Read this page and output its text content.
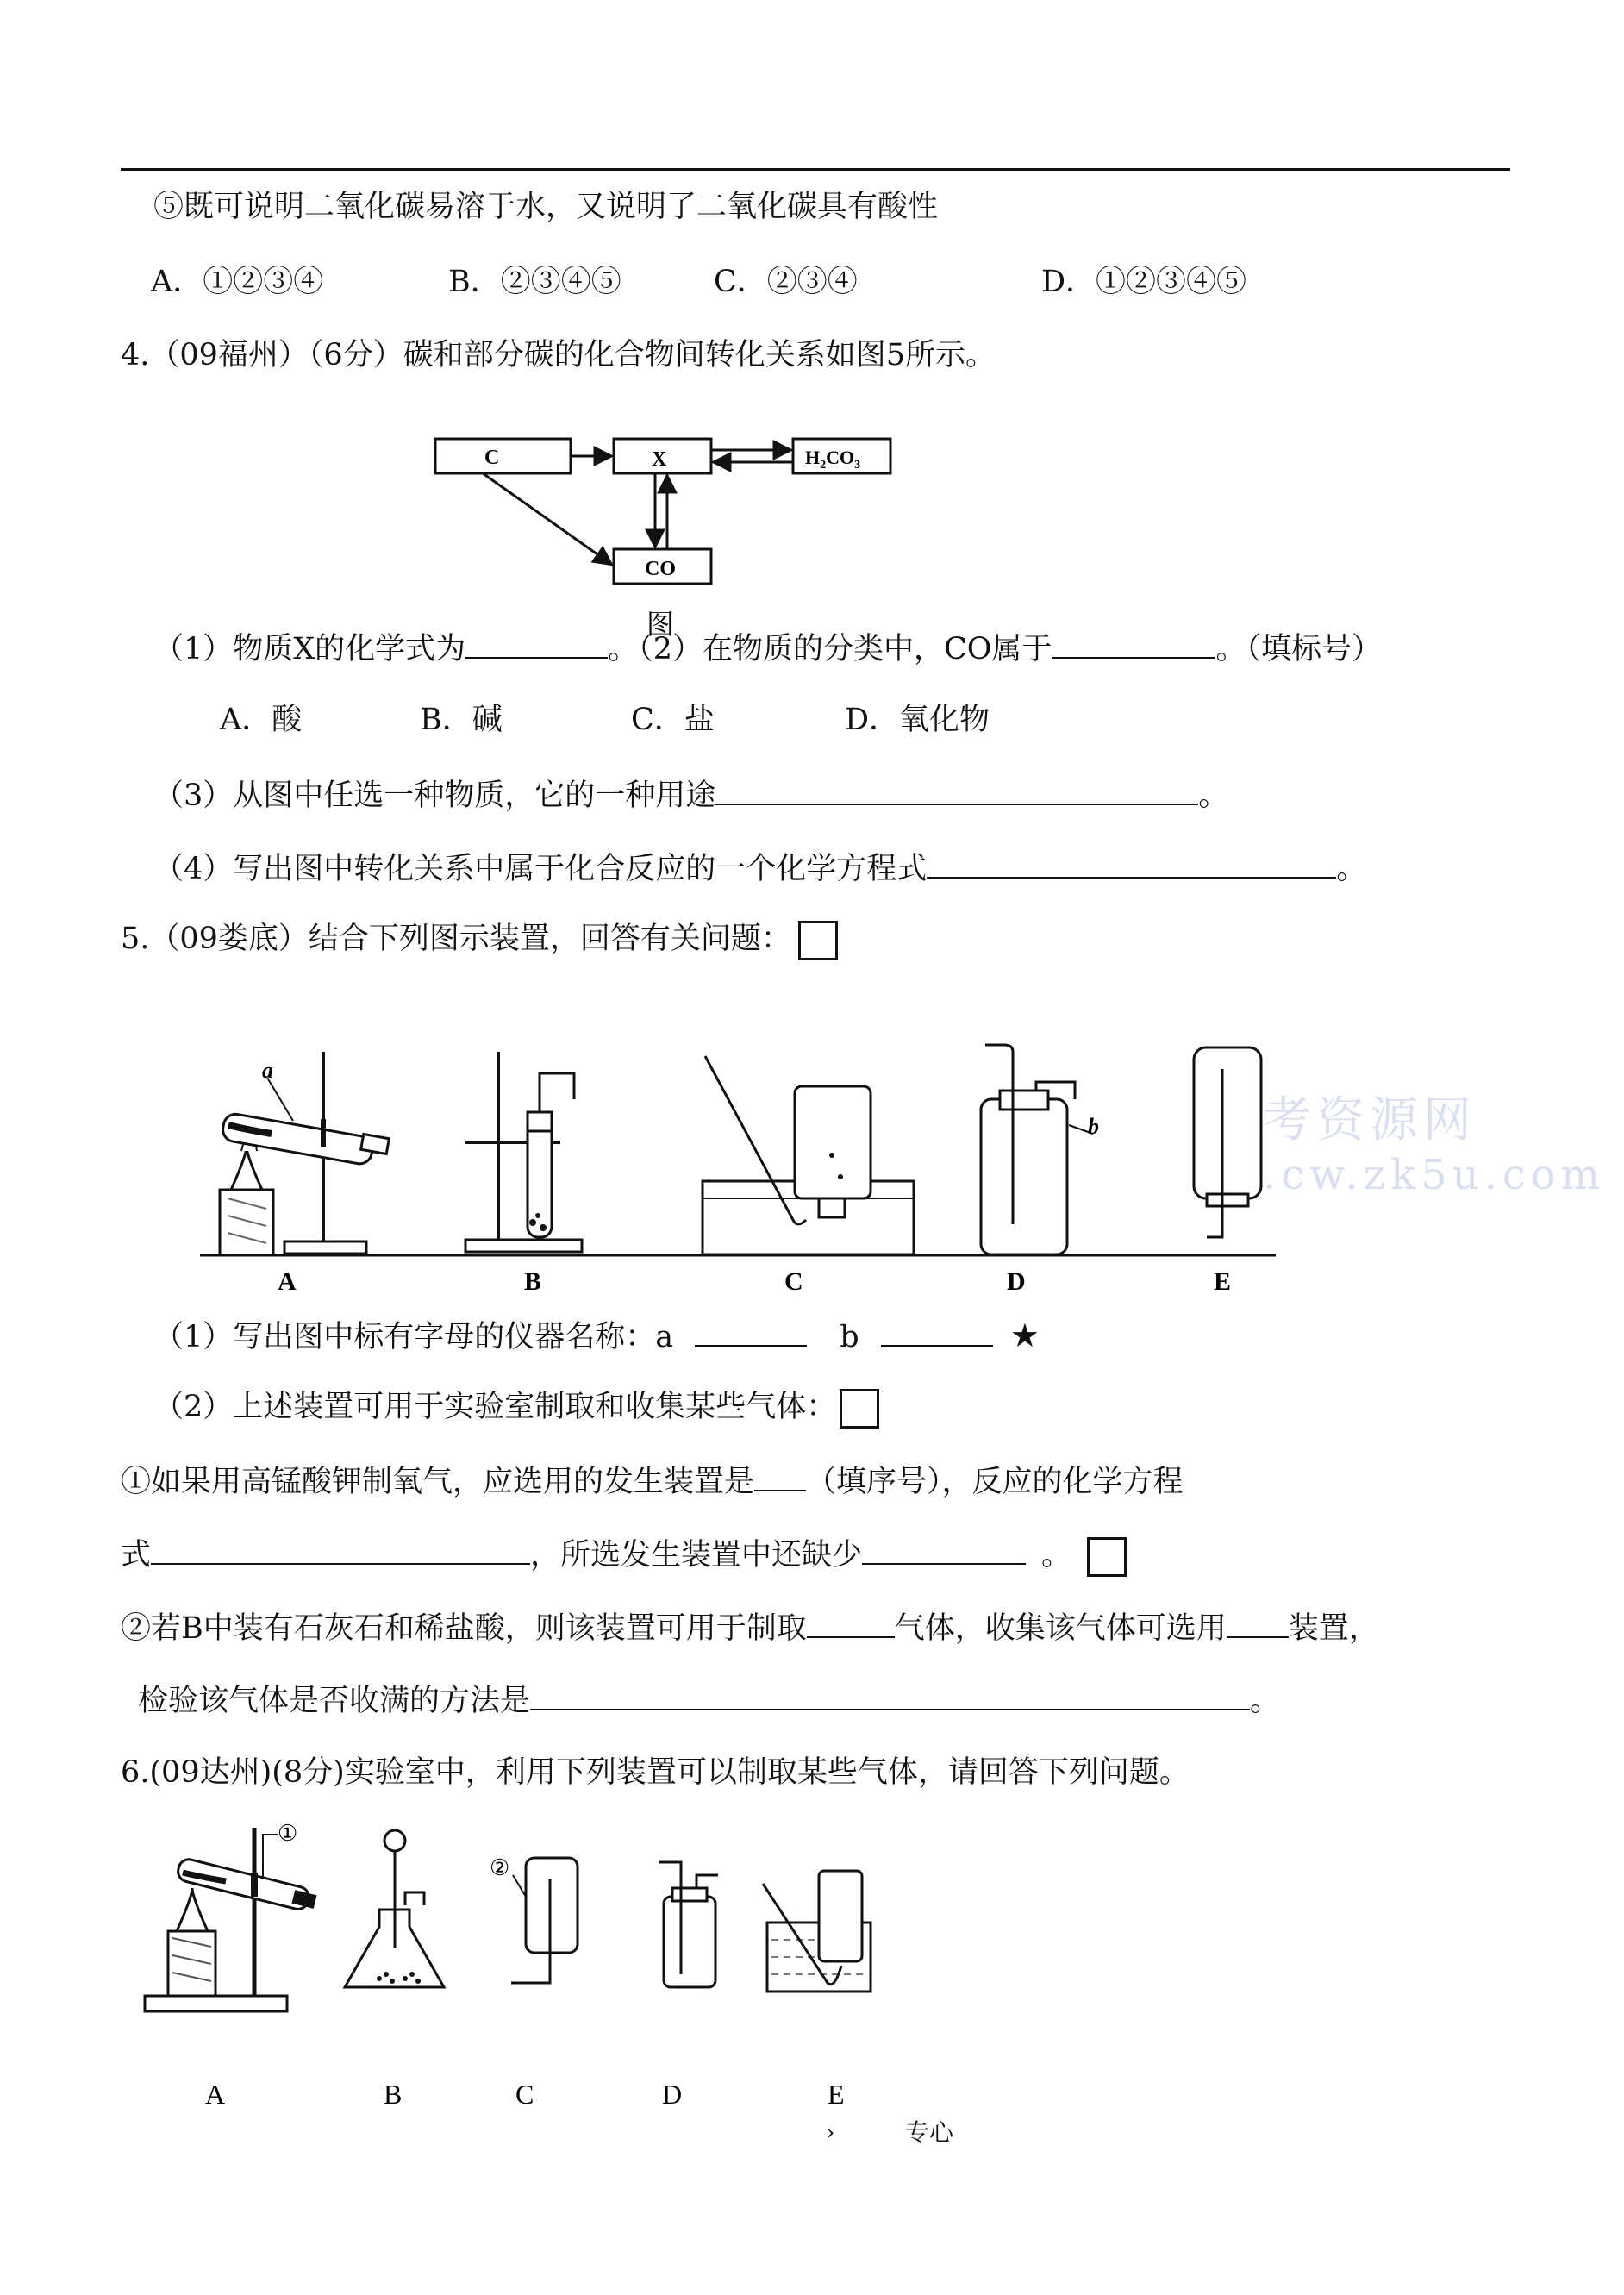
⑤既可说明二氧化碳易溶于水，又说明了二氧化碳具有酸性
A．①②③④	B．②③④⑤	C．②③④	D．①②③④⑤
4.（09福州）（6分）碳和部分碳的化合物间转化关系如图5所示。
C	X	$H_2CO_3$
CO
图
（1）物质X的化学式为	。（2）在物质的分类中，CO属于	。（填标号）
A．酸	B．碱	C．盐	D．氧化物
（3）从图中任选一种物质，它的一种用途	。
（4）写出图中转化关系中属于化合反应的一个化学方程式	。
5.（09娄底）结合下列图示装置，回答有关问题：
考资源网
.cw.zk5u.com
a
b
A	B	C	D	E
（1）写出图中标有字母的仪器名称：a	b	★
（2）上述装置可用于实验室制取和收集某些气体：
①如果用高锰酸钾制氧气，应选用的发生装置是 （填序号），反应的化学方程
式	，所选发生装置中还缺少	。
②若B中装有石灰石和稀盐酸，则该装置可用于制取	气体，收集该气体可选用 装置，
检验该气体是否收满的方法是	。
6.(09达州)(8分)实验室中，利用下列装置可以制取某些气体，请回答下列问题。
①
②
A	B	C	D	E
›	专心
